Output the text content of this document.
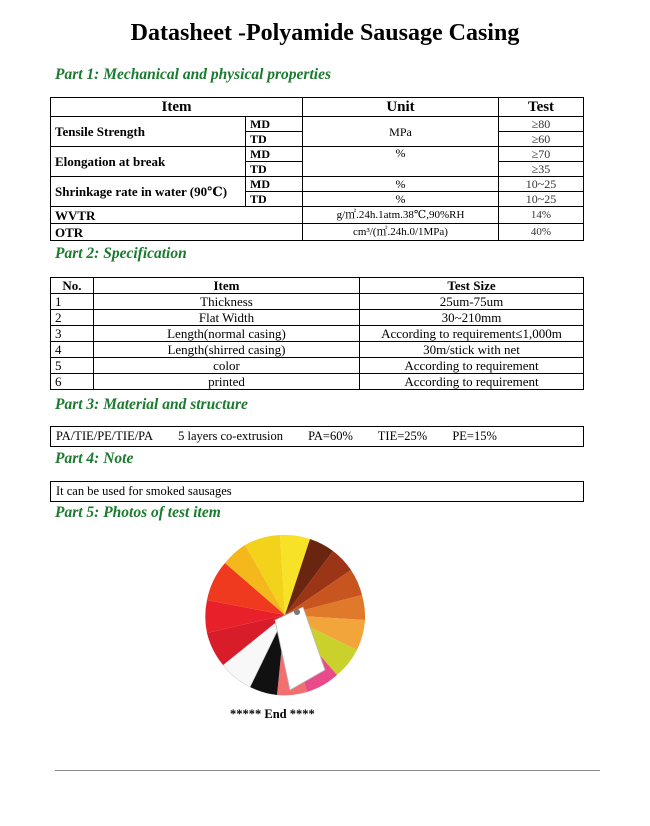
Datasheet -Polyamide Sausage Casing
Part 1: Mechanical and physical properties
Item		Unit	Test
Tensile Strength	MD	MPa	≥80
	TD		≥60
Elongation at break	MD	%	≥70
	TD		≥35
Shrinkage rate in water (90℃)	MD	%	10~25
	TD	%	10~25
WVTR		g/㎡.24h.1atm.38℃,90%RH	14%
OTR		cm³/(㎡.24h.0/1MPa)	40%
Part 2: Specification
No.	Item	Test Size
1	Thickness	25um-75um
2	Flat Width	30~210mm
3	Length(normal casing)	According to requirement≤1,000m
4	Length(shirred casing)	30m/stick with net
5	color	According to requirement
6	printed	According to requirement
Part 3: Material and structure
PA/TIE/PE/TIE/PA 5 layers co-extrusion PA=60% TIE=25% PE=15%
Part 4: Note
It can be used for smoked sausages
Part 5: Photos of test item
***** End ****
